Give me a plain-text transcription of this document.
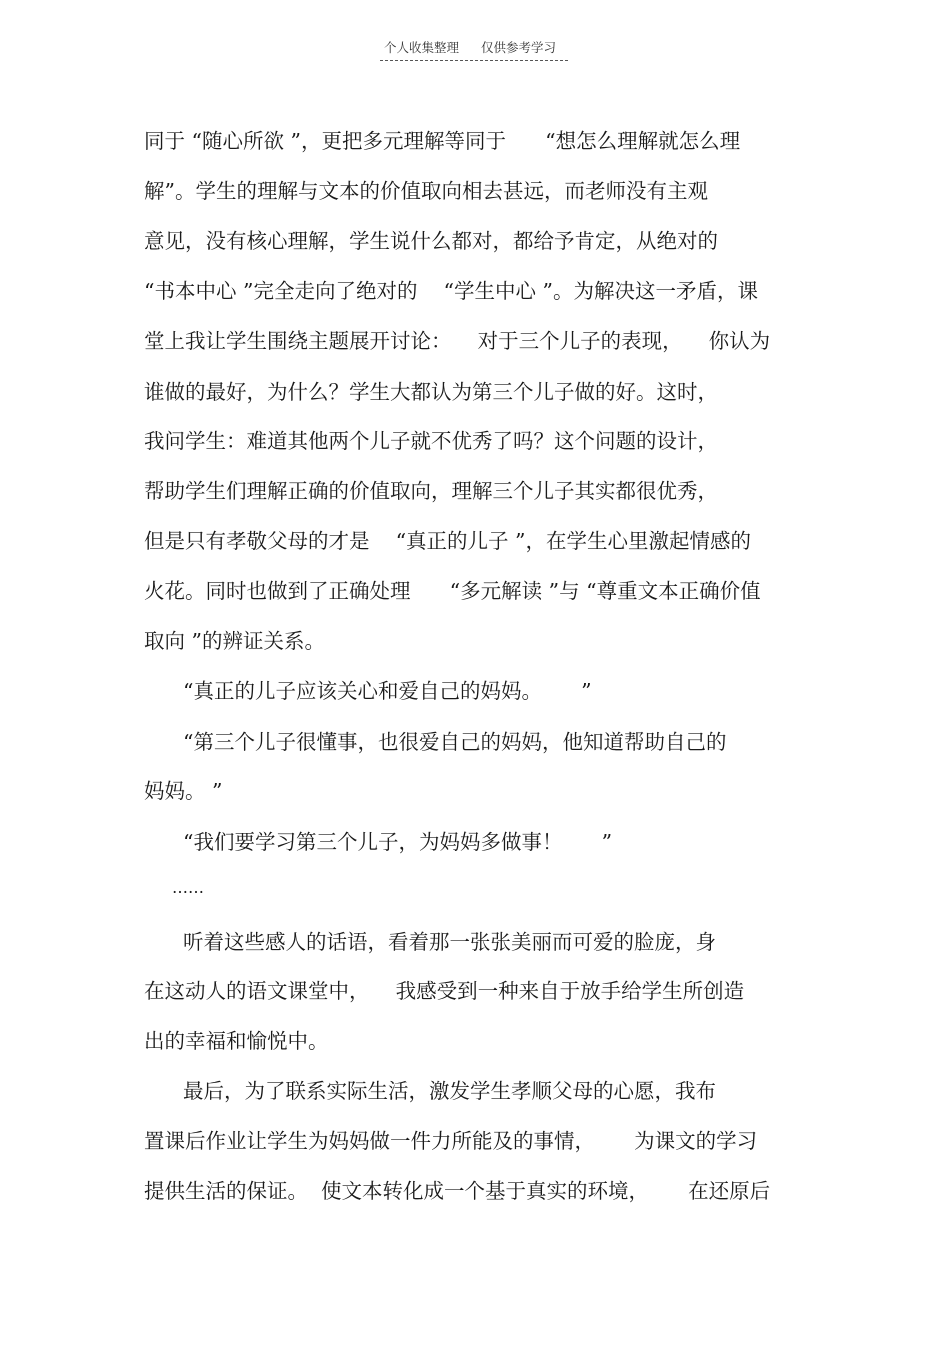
个人收集整理 仅供参考学习
同于 “随心所欲 ”，更把多元理解等同于      “想怎么理解就怎么理
解”。学生的理解与文本的价值取向相去甚远，而老师没有主观
意见，没有核心理解，学生说什么都对，都给予肯定，从绝对的
“书本中心 ”完全走向了绝对的    “学生中心 ”。为解决这一矛盾，课
堂上我让学生围绕主题展开讨论：    对于三个儿子的表现，    你认为
谁做的最好，为什么？学生大都认为第三个儿子做的好。这时，
我问学生：难道其他两个儿子就不优秀了吗？这个问题的设计，
帮助学生们理解正确的价值取向，理解三个儿子其实都很优秀，
但是只有孝敬父母的才是    “真正的儿子 ”，在学生心里激起情感的
火花。同时也做到了正确处理      “多元解读 ”与 “尊重文本正确价值
取向 ”的辨证关系。
“真正的儿子应该关心和爱自己的妈妈。      ”
“第三个儿子很懂事，也很爱自己的妈妈，他知道帮助自己的
妈妈。 ”
“我们要学习第三个儿子，为妈妈多做事！      ”
……
听着这些感人的话语，看着那一张张美丽而可爱的脸庞，身
在这动人的语文课堂中，    我感受到一种来自于放手给学生所创造
出的幸福和愉悦中。
最后，为了联系实际生活，激发学生孝顺父母的心愿，我布
置课后作业让学生为妈妈做一件力所能及的事情，      为课文的学习
提供生活的保证。  使文本转化成一个基于真实的环境，      在还原后
